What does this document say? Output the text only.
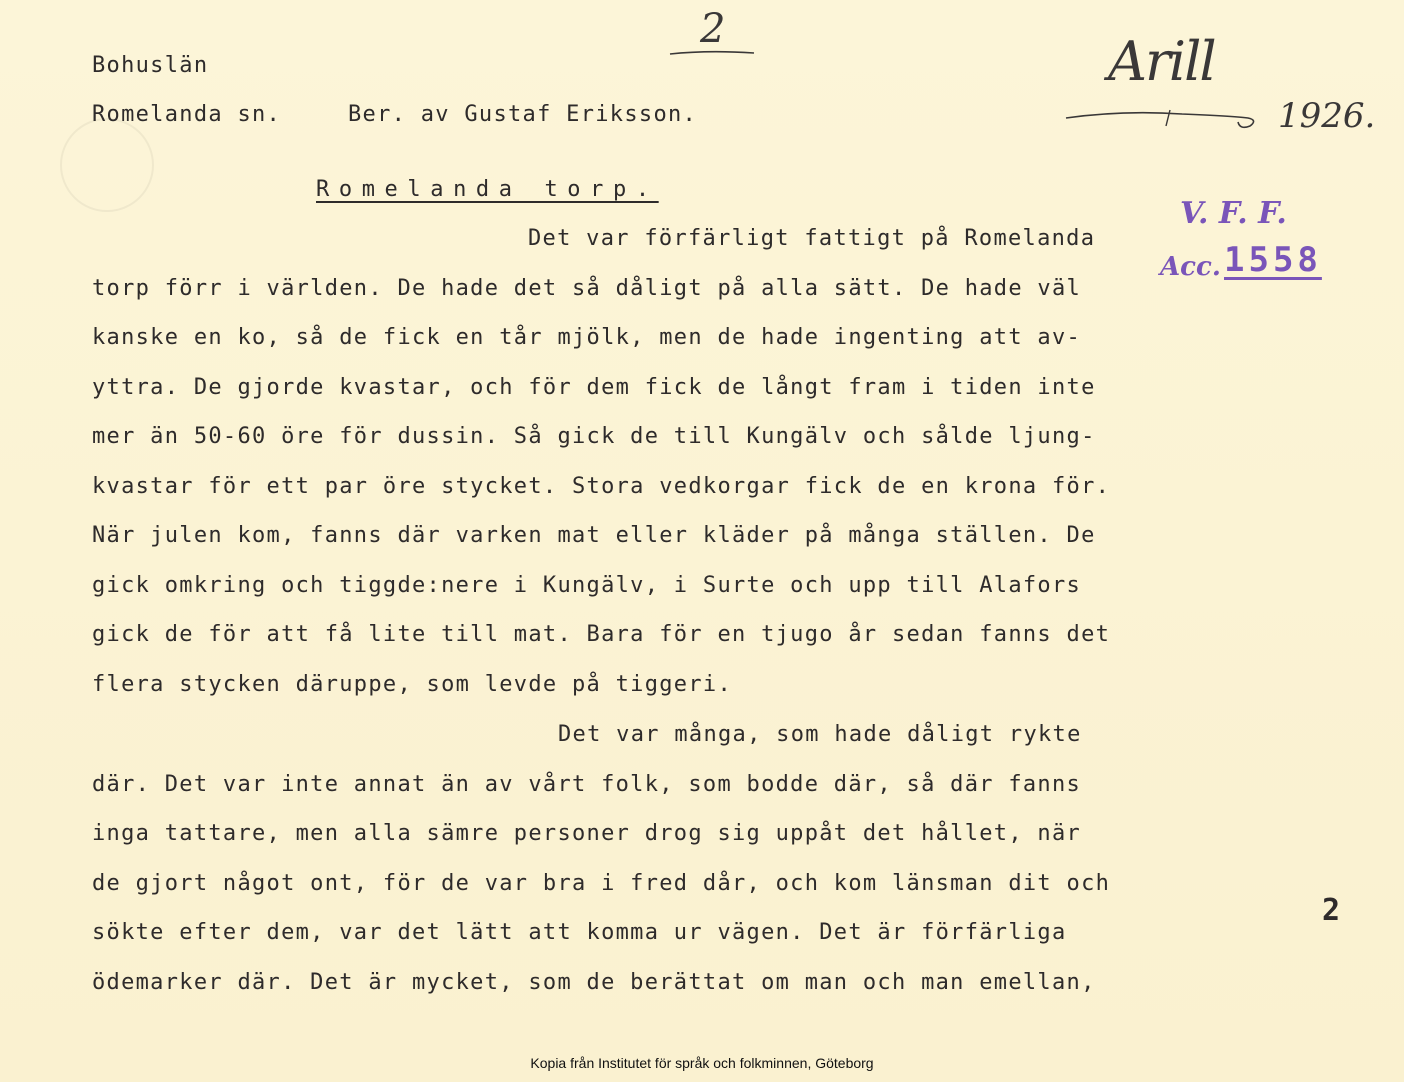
Bohuslän
Romelanda sn.	Ber. av Gustaf Eriksson.
2
Arill
1926.
V. F. F.
Acc. 1558
Romelanda torp.
Det var förfärligt fattigt på Romelanda
torp förr i världen. De hade det så dåligt på alla sätt. De hade väl
kanske en ko, så de fick en tår mjölk, men de hade ingenting att av-
yttra. De gjorde kvastar, och för dem fick de långt fram i tiden inte
mer än 50-60 öre för dussin. Så gick de till Kungälv och sålde ljung-
kvastar för ett par öre stycket. Stora vedkorgar fick de en krona för.
När julen kom, fanns där varken mat eller kläder på många ställen. De
gick omkring och tiggde:nere i Kungälv, i Surte och upp till Alafors
gick de för att få lite till mat. Bara för en tjugo år sedan fanns det
flera stycken däruppe, som levde på tiggeri.
Det var många, som hade dåligt rykte
där. Det var inte annat än av vårt folk, som bodde där, så där fanns
inga tattare, men alla sämre personer drog sig uppåt det hållet, när
de gjort något ont, för de var bra i fred dår, och kom länsman dit och
sökte efter dem, var det lätt att komma ur vägen. Det är förfärliga
ödemarker där. Det är mycket, som de berättat om man och man emellan,
2
Kopia från Institutet för språk och folkminnen, Göteborg
